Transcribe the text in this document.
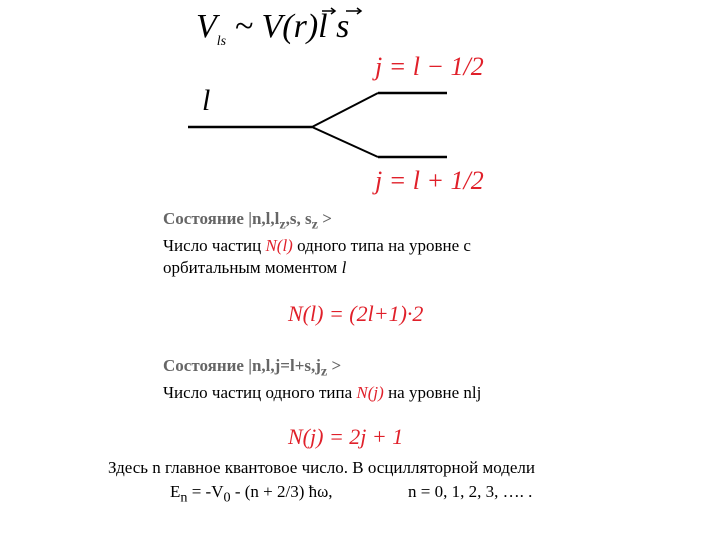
$V_{ls}$ ~ V(r)l s
l
j = l − 1/2
j = l + 1/2
Состояние $|n,l,l_z,s$, $s_z$ >
Число частиц N(l) одного типа на уровне с
орбитальным моментом l
N(l) = (2l+1)·2
Состояние $|n,l,j=l+s,j_z$ >
Число частиц одного типа N(j) на уровне nlj
N(j) = 2j + 1
Здесь n главное квантовое число. В осцилляторной модели
$E_n = -V_0 - (n + 2/3)$ ħω,	n = 0, 1, 2, 3, …. .
